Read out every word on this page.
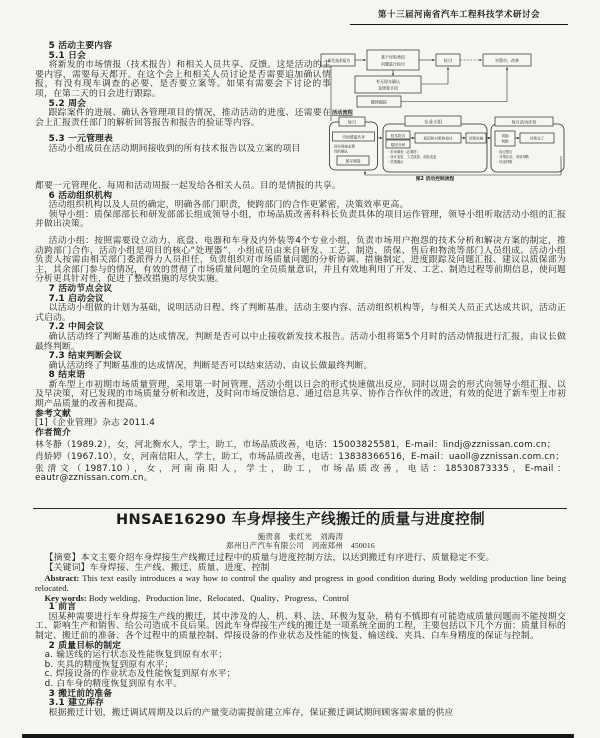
第十三届河南省汽车工程科技学术研讨会

5 活动主要内容

5.1 日会

将新发的市场情报（技术报告）和相关人员共享、反馈。这是活动的主要内容，需要每天都开。在这个会上和相关人员讨论是否需要追加确认情报，有没有现车调查的必要、是否要立案等。如果有需要会下讨论的事项，在第二天的日会进行跟踪。

5.2 周会

跟踪案件的进展、确认各管理项目的情况，推动活动的进度、还需要在会上汇报责任部门的解析回答报告和报告的验证等内容。

5.3 一元管理表

活动小组成员在活动期间接收到的所有技术报告以及立案的项目

新发技术报告
基于经验类似
问题进行检讨
检讨	对策中、改善
有无现车确认
及调查手段
继续跟踪
活动流程
每日
市场情报共享
现车调查必要
性的确认
现车调查
专业小组
技术报告
原因分析
真因和对策的检讨	对策实施
・市场调查（必要时）
・设计变更、工艺改善、部品变更
・效果确认
每月活动评价
切换
判断
对策完了
・经过报告
・对策状况、采用判断
・结束判断
图2 活动控制流程

都要一元管理化、每周和活动周报一起发给各相关人员。目的是情报的共享。

6 活动组织机构

活动组织机构以及人员的确定，明确各部门职责，使跨部门的合作更紧密，决策效率更高。

领导小组：质保部部长和研发部部长组成领导小组，市场品质改善科科长负责具体的项目运作管理，领导小组听取活动小组的汇报并做出决策。

活动小组：按照需要设立动力、底盘、电器和车身及内外装等4个专业小组，负责市场用户抱怨的技术分析和解决方案的制定，推动跨部门合作，活动小组是项目的核心“处理器”、小组成员由来自研发、工艺、制造、质保、售后和物流等部门人员组成。活动小组负责人按需由相关部门委派得力人员担任，负责组织对市场质量问题的分析协调、措施制定、进度跟踪及问题汇报、建议以质保部为主，其余部门参与的情况，有效的贯彻了市场质量问题的全员质量意识，并且有效地利用了开发、工艺、制造过程等前期信息，使问题分析更具针对性，促进了整改措施的尽快实施。

7 活动节点会议

7.1 启动会议

以活动小组做的计划为基础，说明活动日程、终了判断基准、活动主要内容、活动组织机构等，与相关人员正式达成共识，活动正式启动。

7.2 中间会议

确认活动终了判断基准的达成情况，判断是否可以中止接收新发技术报告。活动小组将第5个月时的活动情报进行汇报，由议长做最终判断。

7.3 结束判断会议

确认活动终了判断基准的达成情况，判断是否可以结束活动、由议长做最终判断。

8 结束语

新车型上市初期市场质量管理，采用第一时间管理、活动小组以日会的形式快速做出反应，同时以周会的形式向领导小组汇报、以及早决策，对已发现的市场质量分析和改进，及时向市场反馈信息、通过信息共享、协作合作伙伴的改进，有效的促进了新车型上市初期产品质量的改善和提高。

参考文献

[1]《企业管理》杂志 2011.4

作者简介

林冬静（1989.2），女，河北衡水人，学士，助工，市场品质改善，电话：15003825581，E-mail：lindj@zznissan.com.cn；

肖娇婷（1967.10），女，河南信阳人，学士，助工，市场品质改善，电话：13838366516，E-mail：uaoll@zznissan.com.cn；

张清文（1987.10），女，河南南阳人，学士，助工，市场品质改善，电话：18530873335，E-mail：eautr@zznissan.com.cn。

HNSAE16290 车身焊接生产线搬迁的质量与进度控制

施贵喜　张红光　刘海涛

郑州日产汽车有限公司　河南郑州　450016

【摘要】本文主要介绍车身焊接生产线搬迁过程中的质量与进度控制方法，以达到搬迁有序进行、质量稳定不变。

【关键词】车身焊接、生产线、搬迁、质量、进度、控制

Abstract: This text easily introduces a way how to control the quality and progress in good condition during Body welding production line being relocated.

Key words: Body welding、Production line、Relocated、Quality、Progress、Control

1 前言

因某种需要进行车身焊接生产线的搬迁，其中涉及的人、机、料、法、环极为复杂，稍有不慎即有可能造成质量问题而不能按期交工、影响生产和销售、给公司造成不良后果。因此车身焊接生产线的搬迁是一项系统全面的工程，主要包括以下几个方面：质量目标的制定、搬迁前的准备、各个过程中的质量控制、焊接设备的作业状态及性能的恢复、输送线、夹具、白车身精度的保证与控制。

2 质量目标的制定

a. 输送线的运行状态及性能恢复到原有水平；

b. 夹具的精度恢复到原有水平；

c. 焊接设备的作业状态及性能恢复到原有水平；

d. 白车身的精度恢复到原有水平。

3 搬迁前的准备

3.1 建立库存

根据搬迁计划，搬迁调试周期及以后的产量变动需提前建立库存，保证搬迁调试期间顾客需求量的供应
